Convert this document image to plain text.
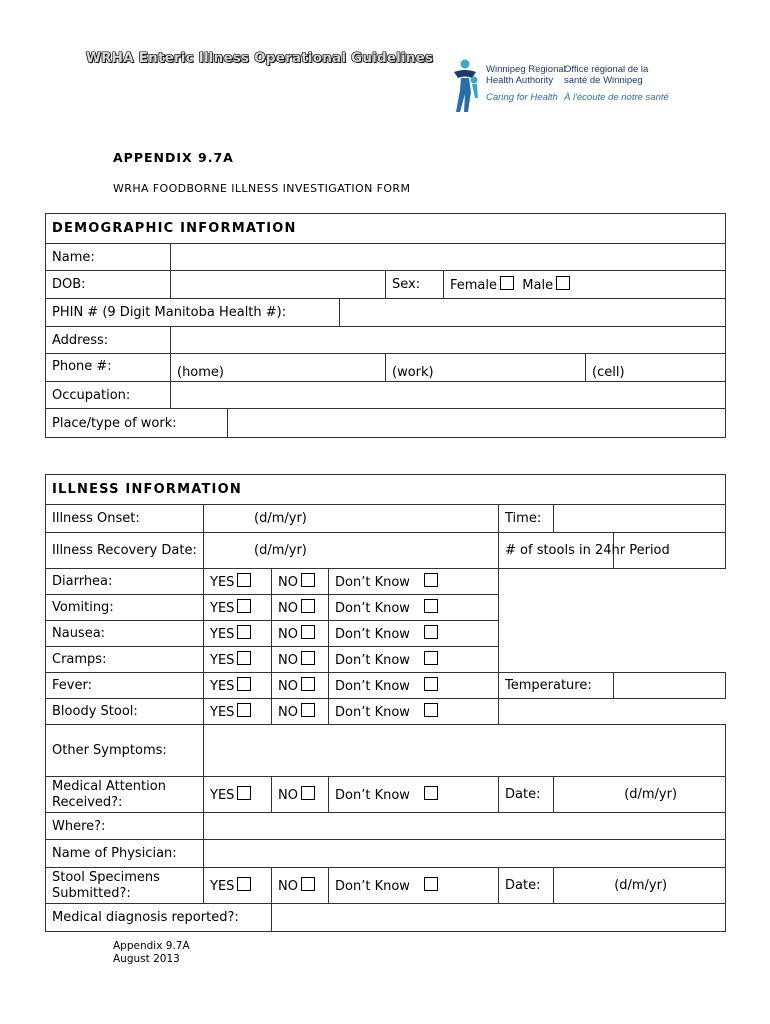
WRHA Enteric Illness Operational Guidelines
Winnipeg Regional
Health Authority
Caring for Health
Office régional de la
santé de Winnipeg
À l'écoute de notre santé
APPENDIX 9.7A
WRHA FOODBORNE ILLNESS INVESTIGATION FORM
DEMOGRAPHIC INFORMATION						
Name:						
DOB:				Sex:	Female Male	
PHIN # (9 Digit Manitoba Health #):						
Address:						
Phone #:	(home)			(work)		(cell)
Occupation:						
Place/type of work:						
ILLNESS INFORMATION						
Illness Onset:	(d/m/yr)			Time:		
Illness Recovery Date:	(d/m/yr)			# of stools in 24hr Period		
Diarrhea:	YES	NO	Don’t Know			
Vomiting:	YES	NO	Don’t Know			
Nausea:	YES	NO	Don’t Know			
Cramps:	YES	NO	Don’t Know			
Fever:	YES	NO	Don’t Know	Temperature:		
Bloody Stool:	YES	NO	Don’t Know			
Other Symptoms:						
Medical Attention Received?:	YES	NO	Don’t Know	Date:	(d/m/yr)	
Where?:						
Name of Physician:						
Stool Specimens Submitted?:	YES	NO	Don’t Know	Date:	(d/m/yr)	
Medical diagnosis reported?:						
Appendix 9.7A
August 2013
